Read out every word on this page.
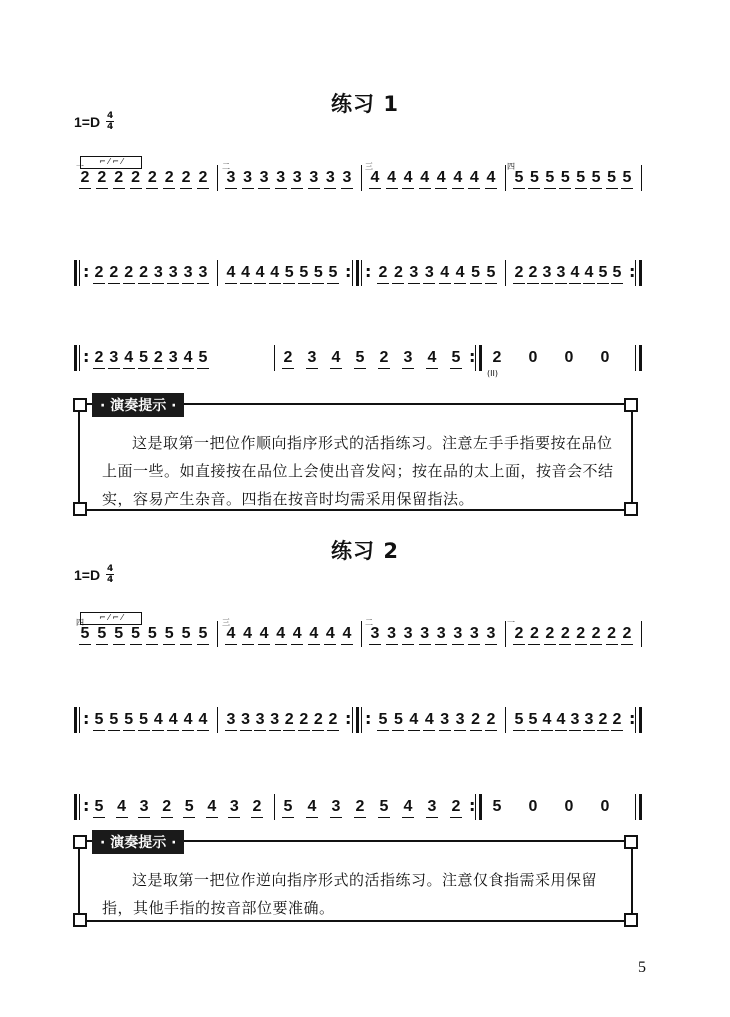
练习 1
$1=D \frac{4}{4}$
⌐ ⁄ ⌐ ⁄
一
2 2 2 2 2 2 2 2
二
3 3 3 3 3 3 3 3
三
4 4 4 4 4 4 4 4
四
5 5 5 5 5 5 5 5
: 2 2 2 2 3 3 3 3 4 4 4 4 5 5 5 5 : : 2 2 3 3 4 4 5 5 2 2 3 3 4 4 5 5 :
: 2 3 4 5 2 3 4 5	2 3 4 5 2 3 4 5 : 2 0 0 0
(II)
· 演奏提示 ·
这是取第一把位作顺向指序形式的活指练习。注意左手手指要按在品位上面一些。如直接按在品位上会使出音发闷；按在品的太上面，按音会不结实，容易产生杂音。四指在按音时均需采用保留指法。
练习 2
$1=D \frac{4}{4}$
⌐ ⁄ ⌐ ⁄
四
5 5 5 5 5 5 5 5
三
4 4 4 4 4 4 4 4
二
3 3 3 3 3 3 3 3
一
2 2 2 2 2 2 2 2
: 5 5 5 5 4 4 4 4 3 3 3 3 2 2 2 2 : : 5 5 4 4 3 3 2 2 5 5 4 4 3 3 2 2 :
: 5 4 3 2 5 4 3 2 5 4 3 2 5 4 3 2 : 5 0 0 0
· 演奏提示 ·
这是取第一把位作逆向指序形式的活指练习。注意仅食指需采用保留指，其他手指的按音部位要准确。
5
